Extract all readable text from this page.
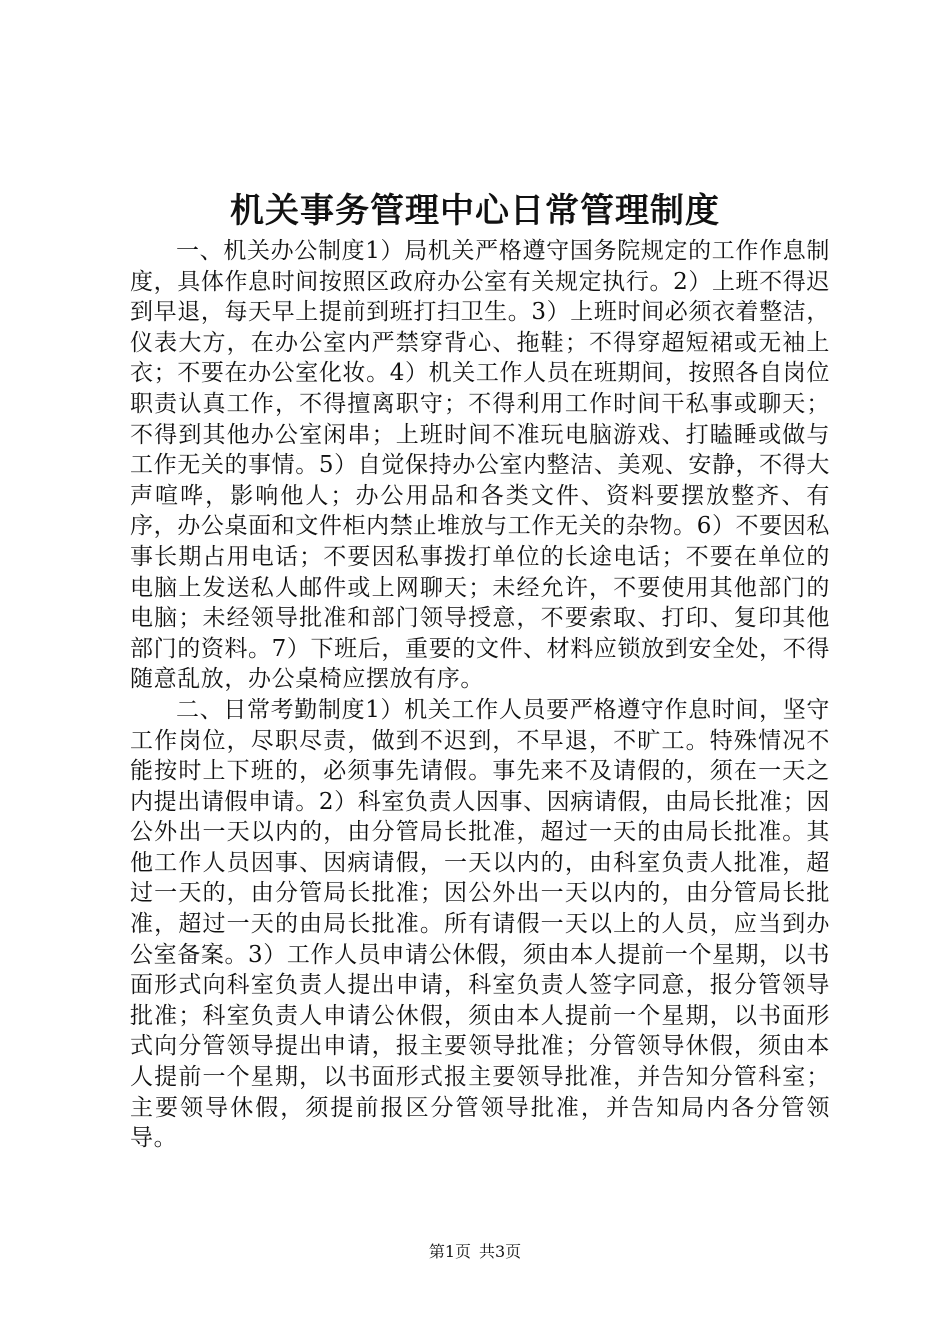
机关事务管理中心日常管理制度

一、机关办公制度1）局机关严格遵守国务院规定的工作作息制度，具体作息时间按照区政府办公室有关规定执行。2）上班不得迟到早退，每天早上提前到班打扫卫生。3）上班时间必须衣着整洁，仪表大方，在办公室内严禁穿背心、拖鞋；不得穿超短裙或无袖上衣；不要在办公室化妆。4）机关工作人员在班期间，按照各自岗位职责认真工作，不得擅离职守；不得利用工作时间干私事或聊天；不得到其他办公室闲串；上班时间不准玩电脑游戏、打瞌睡或做与工作无关的事情。5）自觉保持办公室内整洁、美观、安静，不得大声喧哗，影响他人；办公用品和各类文件、资料要摆放整齐、有序，办公桌面和文件柜内禁止堆放与工作无关的杂物。6）不要因私事长期占用电话；不要因私事拨打单位的长途电话；不要在单位的电脑上发送私人邮件或上网聊天；未经允许，不要使用其他部门的电脑；未经领导批准和部门领导授意，不要索取、打印、复印其他部门的资料。7）下班后，重要的文件、材料应锁放到安全处，不得随意乱放，办公桌椅应摆放有序。

二、日常考勤制度1）机关工作人员要严格遵守作息时间，坚守工作岗位，尽职尽责，做到不迟到，不早退，不旷工。特殊情况不能按时上下班的，必须事先请假。事先来不及请假的，须在一天之内提出请假申请。2）科室负责人因事、因病请假，由局长批准；因公外出一天以内的，由分管局长批准，超过一天的由局长批准。其他工作人员因事、因病请假，一天以内的，由科室负责人批准，超过一天的，由分管局长批准；因公外出一天以内的，由分管局长批准，超过一天的由局长批准。所有请假一天以上的人员，应当到办公室备案。3）工作人员申请公休假，须由本人提前一个星期，以书面形式向科室负责人提出申请，科室负责人签字同意，报分管领导批准；科室负责人申请公休假，须由本人提前一个星期，以书面形式向分管领导提出申请，报主要领导批准；分管领导休假，须由本人提前一个星期，以书面形式报主要领导批准，并告知分管科室；主要领导休假，须提前报区分管领导批准，并告知局内各分管领导。

第1页 共3页
